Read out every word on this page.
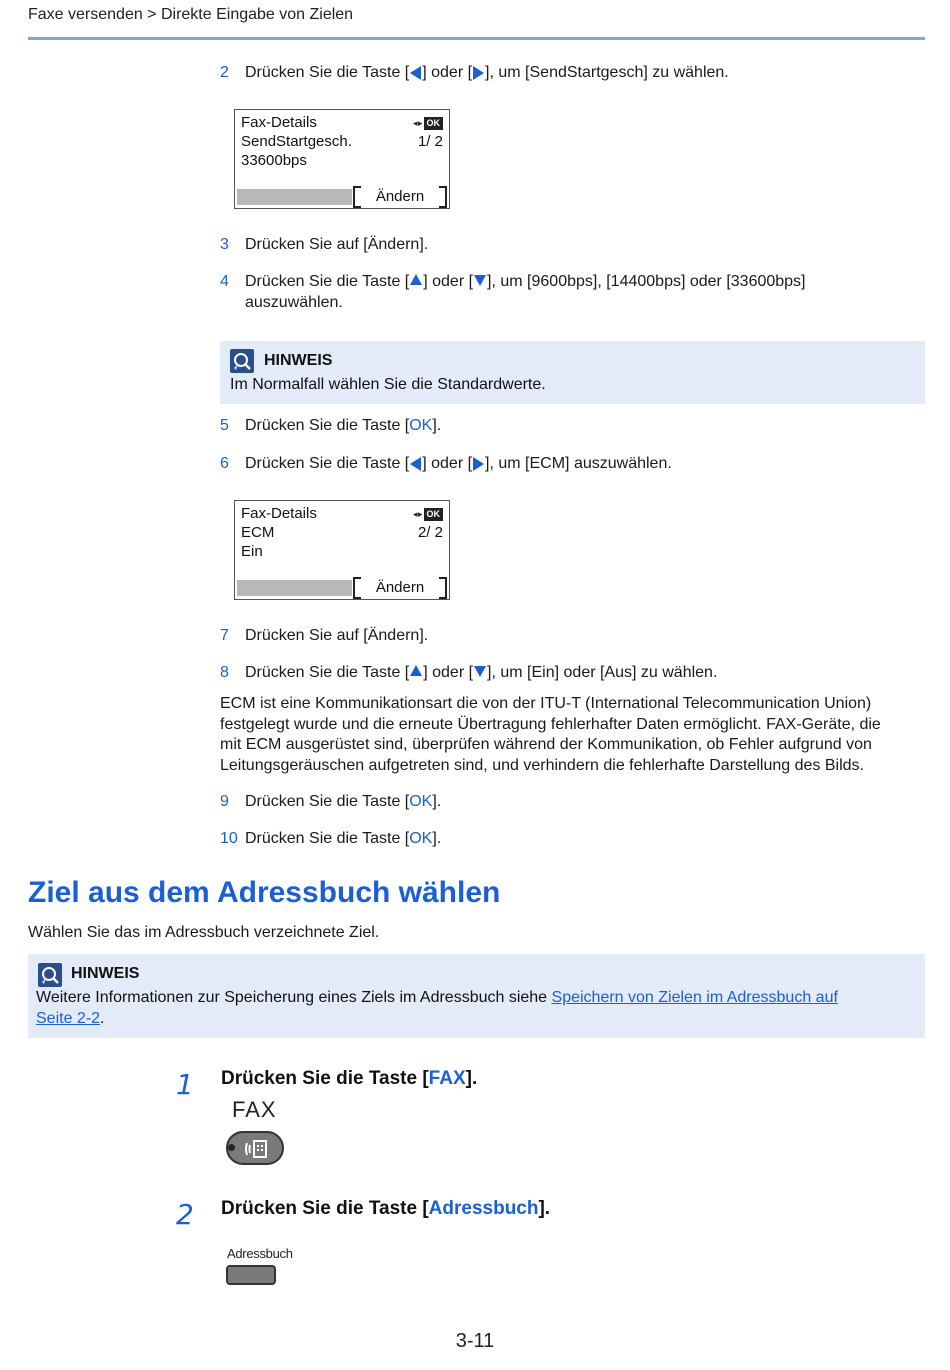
Faxe versenden > Direkte Eingabe von Zielen
2 Drücken Sie die Taste [ ] oder [ ], um [SendStartgesch] zu wählen.
Fax-Details	◂ ▸ OK
SendStartgesch.	1/ 2
33600bps
Ändern
3 Drücken Sie auf [Ändern].
4 Drücken Sie die Taste [ ] oder [ ], um [9600bps], [14400bps] oder [33600bps]
auszuwählen.
HINWEIS
Im Normalfall wählen Sie die Standardwerte.
5 Drücken Sie die Taste [OK].
6 Drücken Sie die Taste [ ] oder [ ], um [ECM] auszuwählen.
Fax-Details	◂ ▸ OK
ECM	2/ 2
Ein
Ändern
7 Drücken Sie auf [Ändern].
8 Drücken Sie die Taste [ ] oder [ ], um [Ein] oder [Aus] zu wählen.
ECM ist eine Kommunikationsart die von der ITU-T (International Telecommunication Union)
festgelegt wurde und die erneute Übertragung fehlerhafter Daten ermöglicht. FAX-Geräte, die
mit ECM ausgerüstet sind, überprüfen während der Kommunikation, ob Fehler aufgrund von
Leitungsgeräuschen aufgetreten sind, und verhindern die fehlerhafte Darstellung des Bilds.
9 Drücken Sie die Taste [OK].
10 Drücken Sie die Taste [OK].
Ziel aus dem Adressbuch wählen
Wählen Sie das im Adressbuch verzeichnete Ziel.
HINWEIS
Weitere Informationen zur Speicherung eines Ziels im Adressbuch siehe Speichern von Zielen im Adressbuch auf
Seite 2-2.
1 Drücken Sie die Taste [FAX].
FAX
2 Drücken Sie die Taste [Adressbuch].
Adressbuch
3-11
